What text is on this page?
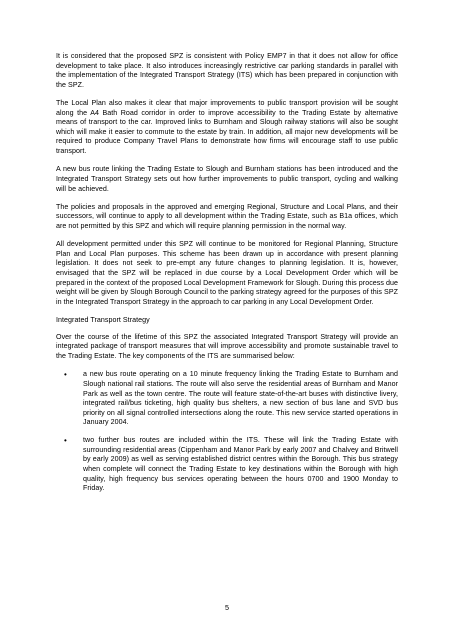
It is considered that the proposed SPZ is consistent with Policy EMP7 in that it does not allow for office development to take place. It also introduces increasingly restrictive car parking standards in parallel with the implementation of the Integrated Transport Strategy (ITS) which has been prepared in conjunction with the SPZ.

The Local Plan also makes it clear that major improvements to public transport provision will be sought along the A4 Bath Road corridor in order to improve accessibility to the Trading Estate by alternative means of transport to the car. Improved links to Burnham and Slough railway stations will also be sought which will make it easier to commute to the estate by train. In addition, all major new developments will be required to produce Company Travel Plans to demonstrate how firms will encourage staff to use public transport.

A new bus route linking the Trading Estate to Slough and Burnham stations has been introduced and the Integrated Transport Strategy sets out how further improvements to public transport, cycling and walking will be achieved.

The policies and proposals in the approved and emerging Regional, Structure and Local Plans, and their successors, will continue to apply to all development within the Trading Estate, such as B1a offices, which are not permitted by this SPZ and which will require planning permission in the normal way.

All development permitted under this SPZ will continue to be monitored for Regional Planning, Structure Plan and Local Plan purposes. This scheme has been drawn up in accordance with present planning legislation. It does not seek to pre-empt any future changes to planning legislation. It is, however, envisaged that the SPZ will be replaced in due course by a Local Development Order which will be prepared in the context of the proposed Local Development Framework for Slough. During this process due weight will be given by Slough Borough Council to the parking strategy agreed for the purposes of this SPZ in the Integrated Transport Strategy in the approach to car parking in any Local Development Order.

Integrated Transport Strategy

Over the course of the lifetime of this SPZ the associated Integrated Transport Strategy will provide an integrated package of transport measures that will improve accessibility and promote sustainable travel to the Trading Estate. The key components of the ITS are summarised below:

• a new bus route operating on a 10 minute frequency linking the Trading Estate to Burnham and Slough national rail stations. The route will also serve the residential areas of Burnham and Manor Park as well as the town centre. The route will feature state-of-the-art buses with distinctive livery, integrated rail/bus ticketing, high quality bus shelters, a new section of bus lane and SVD bus priority on all signal controlled intersections along the route. This new service started operations in January 2004.
• two further bus routes are included within the ITS. These will link the Trading Estate with surrounding residential areas (Cippenham and Manor Park by early 2007 and Chalvey and Britwell by early 2009) as well as serving established district centres within the Borough. This bus strategy when complete will connect the Trading Estate to key destinations within the Borough with high quality, high frequency bus services operating between the hours 0700 and 1900 Monday to Friday.
5
